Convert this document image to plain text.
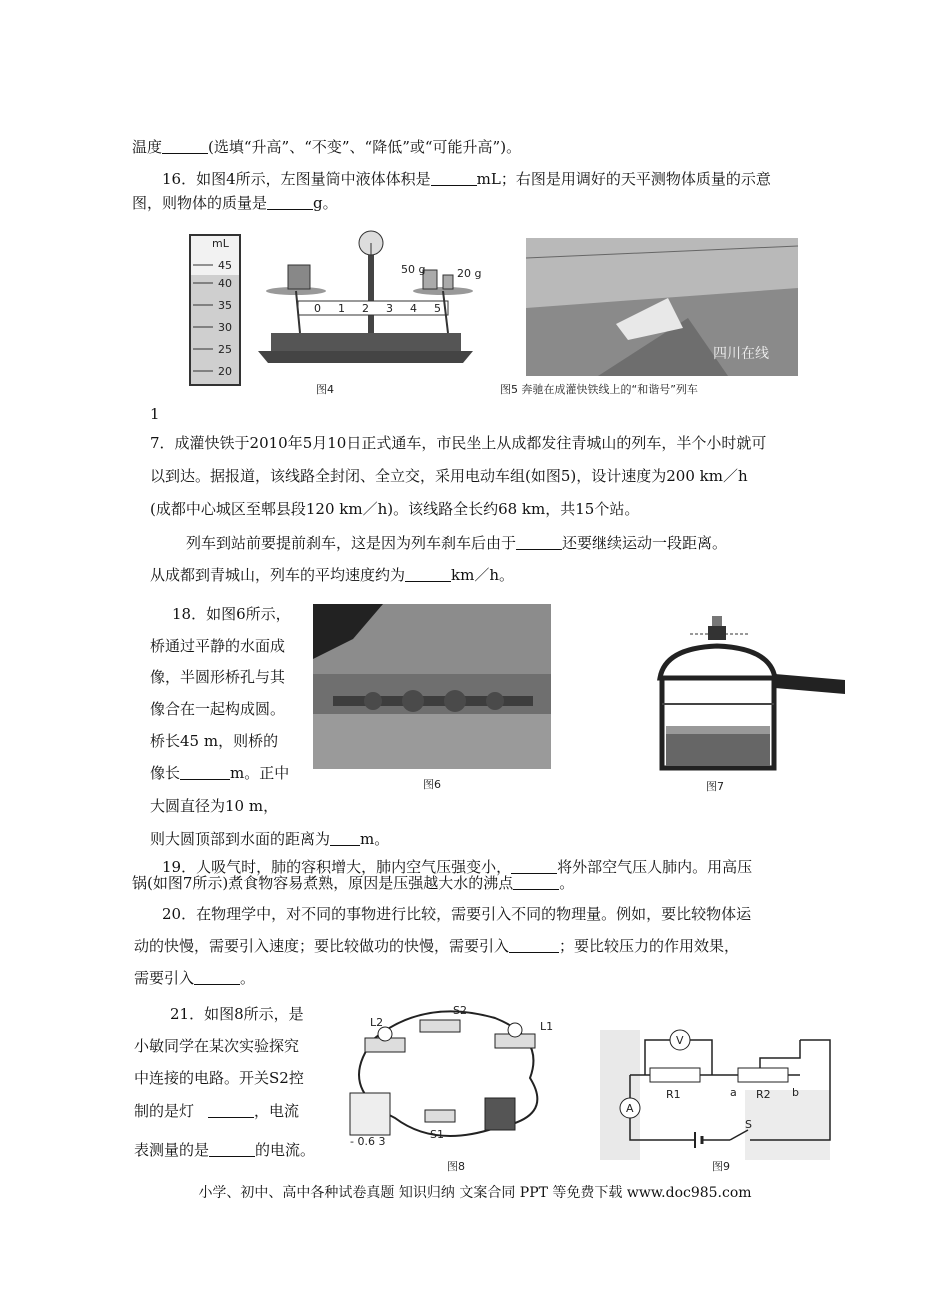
温度	(选填“升高”、“不变”、“降低”或“可能升高”)。
16．如图4所示，左图量筒中液体体积是	mL；右图是用调好的天平测物体质量的示意
图，则物体的质量是	g。
mL
45
40
35
30
25
20
50 g	20 g
0 1 2 3 4 5
图4
四川在线
图5 奔驰在成灌快铁线上的“和谐号”列车
1
7．成灌快铁于2010年5月10日正式通车，市民坐上从成都发往青城山的列车，半个小时就可
以到达。据报道，该线路全封闭、全立交，采用电动车组(如图5)，设计速度为200 km／h
(成都中心城区至郫县段120 km／h)。该线路全长约68 km，共15个站。
列车到站前要提前刹车，这是因为列车刹车后由于	还要继续运动一段距离。
从成都到青城山，列车的平均速度约为	km／h。
18．如图6所示，
桥通过平静的水面成
像，半圆形桥孔与其
像合在一起构成圆。
桥长45 m，则桥的
像长	m。正中
大圆直径为10 m，
则大圆顶部到水面的距离为 m。
图6	图7
19．人吸气时，肺的容积增大，肺内空气压强变小，	将外部空气压人肺内。用高压
锅(如图7所示)煮食物容易煮熟，原因是压强越大水的沸点	。
20．在物理学中，对不同的事物进行比较，需要引入不同的物理量。例如，要比较物体运
动的快慢，需要引入速度；要比较做功的快慢，需要引入	；要比较压力的作用效果，
需要引入	。
21．如图8所示，是
小敏同学在某次实验探究
中连接的电路。开关S2控
制的是灯	，电流
表测量的是	的电流。
L2
S2
L1
- 0.6 3
S1
图8
V
A
R1	R2
a	b
S
图9
小学、初中、高中各种试卷真题 知识归纳 文案合同 PPT 等免费下载 www.doc985.com
